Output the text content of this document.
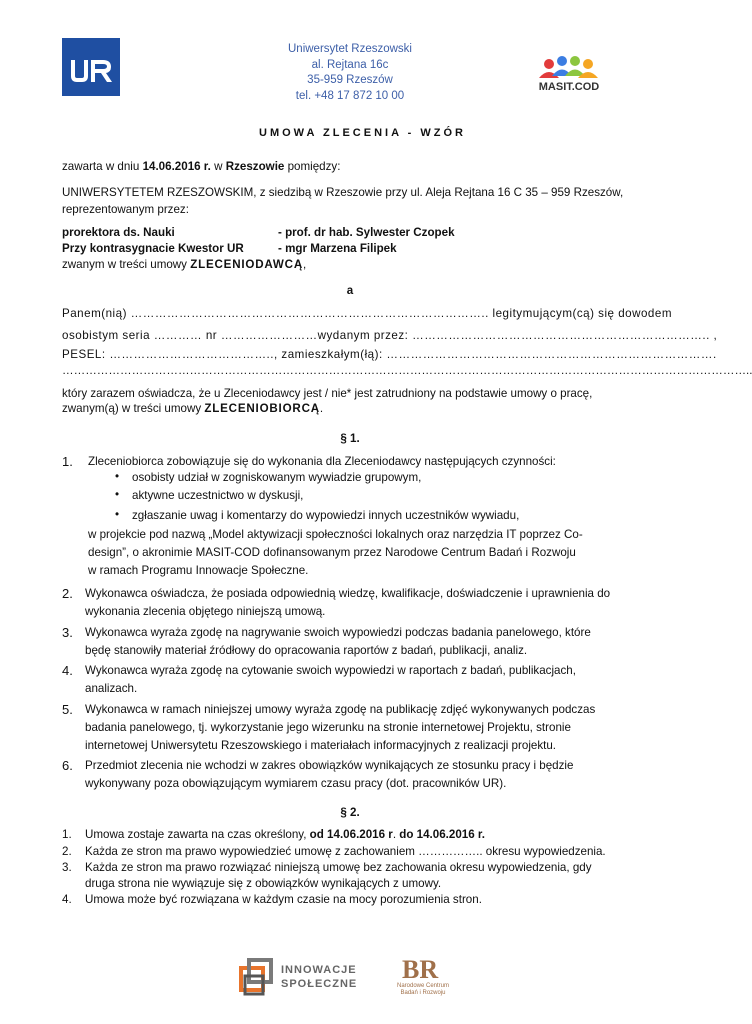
Uniwersytet Rzeszowski
al. Rejtana 16c
35-959 Rzeszów
tel. +48 17 872 10 00
MASIT.COD
UMOWA ZLECENIA - WZÓR
zawarta w dniu 14.06.2016 r. w Rzeszowie pomiędzy:
UNIWERSYTETEM RZESZOWSKIM, z siedzibą w Rzeszowie przy ul. Aleja Rejtana 16 C 35 – 959 Rzeszów,
reprezentowanym przez:
prorektora ds. Nauki	- prof. dr hab. Sylwester Czopek
Przy kontrasygnacie Kwestor UR	- mgr Marzena Filipek
zwanym w treści umowy ZLECENIODAWCĄ,
a
Panem(nią) …………………………………………………………………………….. legitymującym(cą) się dowodem
osobistym seria ………… nr ……………………wydanym przez: ……………………………………………………………….. ,
PESEL: ………………………………….., zamieszkałym(łą): ……………………………………………………………………….
……………………………………………………………………………………………………………………………………………………………..
który zarazem oświadcza, że u Zleceniodawcy jest / nie* jest zatrudniony na podstawie umowy o pracę,
zwanym(ą) w treści umowy ZLECENIOBIORCĄ.
§ 1.
1. Zleceniobiorca zobowiązuje się do wykonania dla Zleceniodawcy następujących czynności:
• osobisty udział w zogniskowanym wywiadzie grupowym,
• aktywne uczestnictwo w dyskusji,
• zgłaszanie uwag i komentarzy do wypowiedzi innych uczestników wywiadu,
w projekcie pod nazwą „Model aktywizacji społeczności lokalnych oraz narzędzia IT poprzez Co-
design”, o akronimie MASIT-COD dofinansowanym przez Narodowe Centrum Badań i Rozwoju
w ramach Programu Innowacje Społeczne.
2. Wykonawca oświadcza, że posiada odpowiednią wiedzę, kwalifikacje, doświadczenie i uprawnienia do
wykonania zlecenia objętego niniejszą umową.
3. Wykonawca wyraża zgodę na nagrywanie swoich wypowiedzi podczas badania panelowego, które
będę stanowiły materiał źródłowy do opracowania raportów z badań, publikacji, analiz.
4. Wykonawca wyraża zgodę na cytowanie swoich wypowiedzi w raportach z badań, publikacjach,
analizach.
5. Wykonawca w ramach niniejszej umowy wyraża zgodę na publikację zdjęć wykonywanych podczas
badania panelowego, tj. wykorzystanie jego wizerunku na stronie internetowej Projektu, stronie
internetowej Uniwersytetu Rzeszowskiego i materiałach informacyjnych z realizacji projektu.
6. Przedmiot zlecenia nie wchodzi w zakres obowiązków wynikających ze stosunku pracy i będzie
wykonywany poza obowiązującym wymiarem czasu pracy (dot. pracowników UR).
§ 2.
1. Umowa zostaje zawarta na czas określony, od 14.06.2016 r. do 14.06.2016 r.
2. Każda ze stron ma prawo wypowiedzieć umowę z zachowaniem …………….. okresu wypowiedzenia.
3. Każda ze stron ma prawo rozwiązać niniejszą umowę bez zachowania okresu wypowiedzenia, gdy
druga strona nie wywiązuje się z obowiązków wynikających z umowy.
4. Umowa może być rozwiązana w każdym czasie na mocy porozumienia stron.
INNOWACJE
SPOŁECZNE BR
Narodowe Centrum
Badań i Rozwoju
